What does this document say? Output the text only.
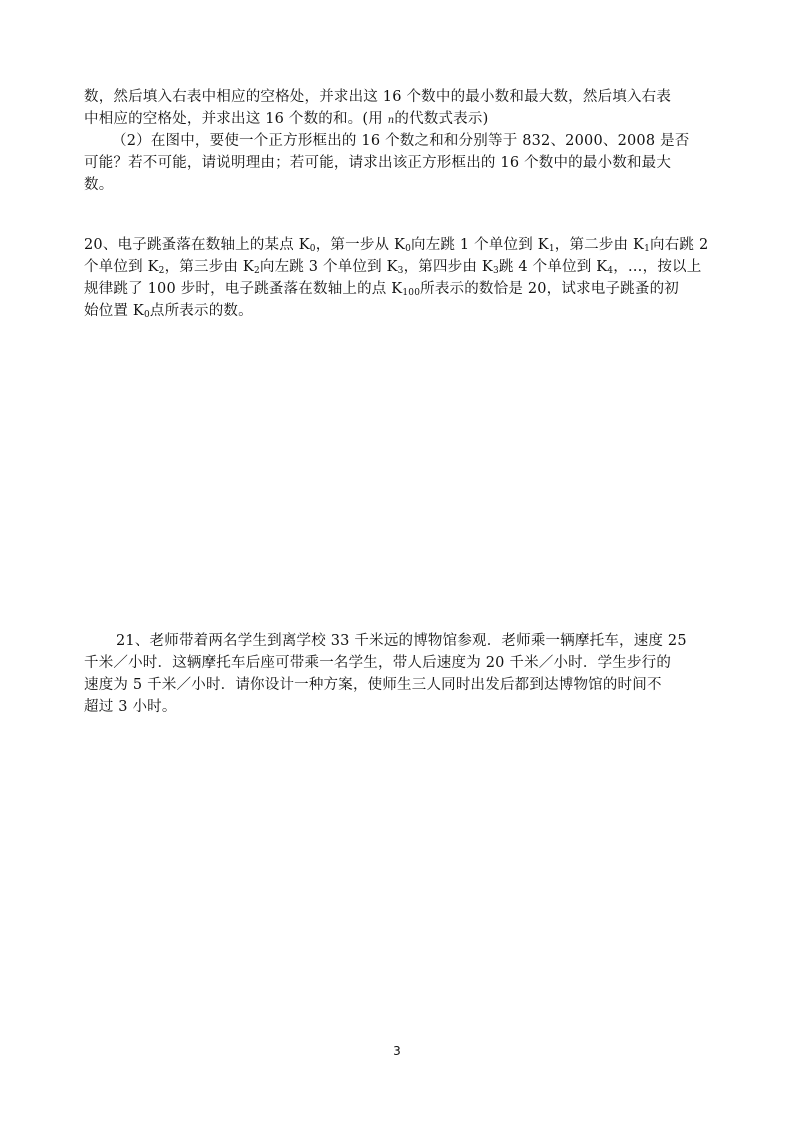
数，然后填入右表中相应的空格处，并求出这 16 个数中的最小数和最大数，然后填入右表
中相应的空格处，并求出这 16 个数的和。(用 n的代数式表示)
（2）在图中，要使一个正方形框出的 16 个数之和和分别等于 832、2000、2008 是否
可能？若不可能，请说明理由；若可能，请求出该正方形框出的 16 个数中的最小数和最大
数。
20、电子跳蚤落在数轴上的某点 $K_0$，第一步从 $K_0$向左跳 1 个单位到 $K_1$，第二步由 $K_1$向右跳 2
个单位到 $K_2$，第三步由 $K_2$向左跳 3 个单位到 $K_3$，第四步由 $K_3$跳 4 个单位到 $K_4$，…，按以上
规律跳了 100 步时，电子跳蚤落在数轴上的点 $K_{100}$所表示的数恰是 20，试求电子跳蚤的初
始位置 $K_0$点所表示的数。
21、老师带着两名学生到离学校 33 千米远的博物馆参观．老师乘一辆摩托车，速度 25
千米／小时．这辆摩托车后座可带乘一名学生，带人后速度为 20 千米／小时．学生步行的
速度为 5 千米／小时．请你设计一种方案，使师生三人同时出发后都到达博物馆的时间不
超过 3 小时。
3
